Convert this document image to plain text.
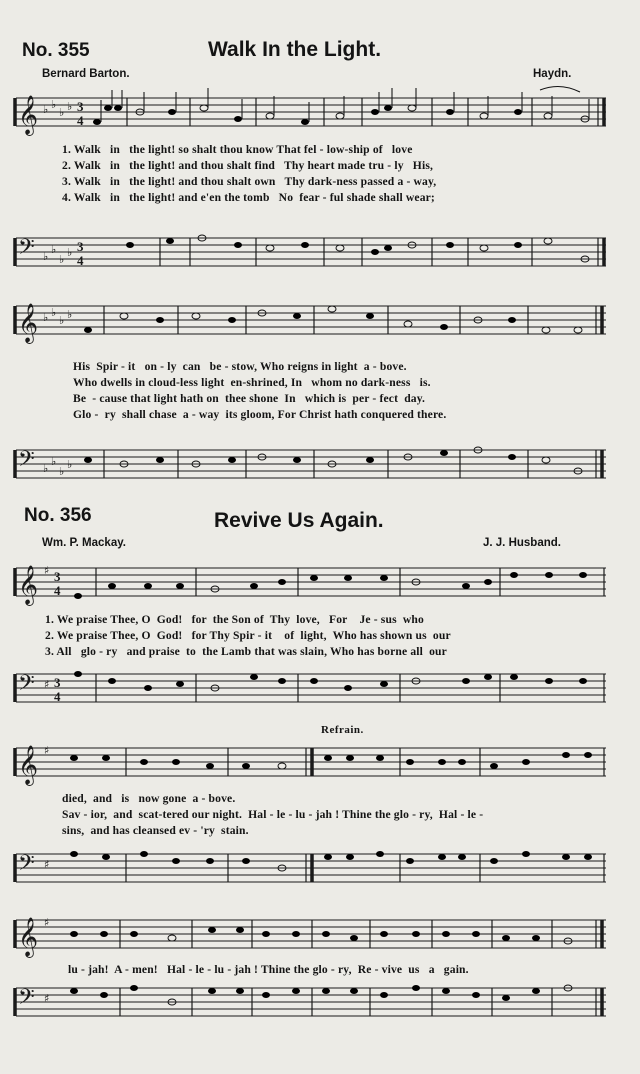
No. 355	Walk In the Light.
Bernard Barton.	Haydn.
𝄞 ♭ ♭
♭ ♭ 3
4
1. Walk   in   the light! so shalt thou know That fel - low-ship of   love
2. Walk   in   the light! and thou shalt find   Thy heart made tru - ly   His,
3. Walk   in   the light! and thou shalt own   Thy dark-ness passed a - way,
4. Walk   in   the light! and e'en the tomb   No  fear - ful shade shall wear;
𝄢 ♭
♭
♭
♭ 3
4
𝄞 ♭ ♭
♭ ♭
His  Spir - it   on - ly  can   be - stow, Who reigns in light  a - bove.
Who dwells in cloud-less light  en-shrined, In   whom no dark-ness   is.
Be  - cause that light hath on  thee shone  In   which is  per - fect  day.
Glo -  ry  shall chase  a - way  its gloom, For Christ hath conquered there.
𝄢 ♭
♭
♭
♭
No. 356	Revive Us Again.
Wm. P. Mackay.	J. J. Husband.
𝄞 ♯ 3
4
1. We praise Thee, O  God!   for  the Son of  Thy  love,   For    Je - sus  who
2. We praise Thee, O  God!   for Thy Spir - it    of  light,  Who has shown us  our
3. All   glo - ry   and praise  to  the Lamb that was slain, Who has borne all  our
𝄢 ♯ 3
4
Refrain.
𝄞 ♯
died,  and   is   now gone  a - bove.
Sav - ior,  and  scat-tered our night.  Hal - le - lu - jah ! Thine the glo - ry,  Hal - le -
sins,  and has cleansed ev - 'ry  stain.
𝄢 ♯
𝄞 ♯
lu - jah!  A - men!   Hal - le - lu - jah ! Thine the glo - ry,  Re - vive  us   a   gain.
𝄢 ♯
